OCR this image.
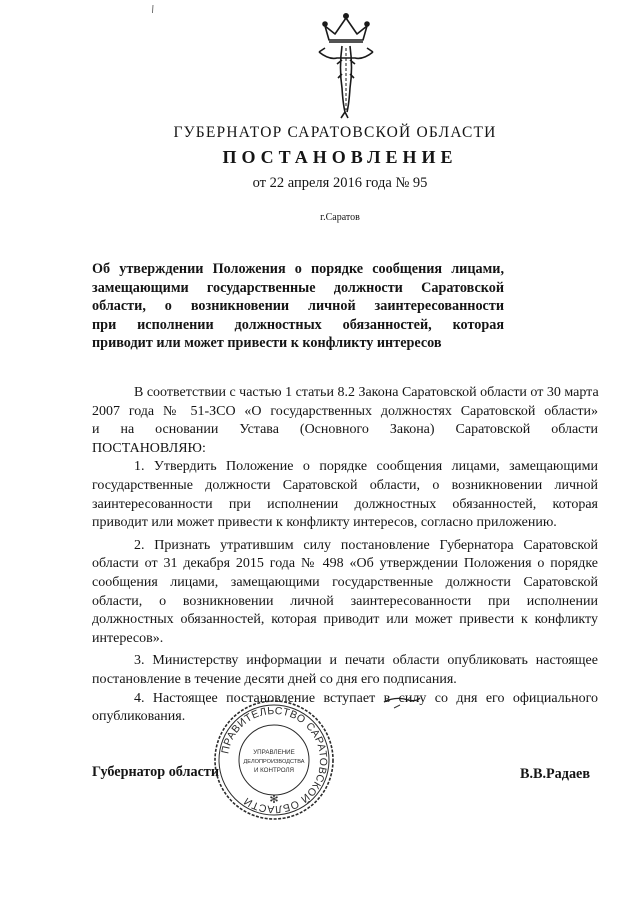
ГУБЕРНАТОР САРАТОВСКОЙ ОБЛАСТИ
ПОСТАНОВЛЕНИЕ
от 22 апреля 2016 года № 95
г.Саратов
Об утверждении Положения о порядке сообщения лицами,
замещающими государственные должности Саратовской
области, о возникновении личной заинтересованности
при исполнении должностных обязанностей, которая
приводит или может привести к конфликту интересов
В соответствии с частью 1 статьи 8.2 Закона Саратовской области от 30 марта
2007 года № 51-ЗСО «О государственных должностях Саратовской области»
и на основании Устава (Основного Закона) Саратовской области
ПОСТАНОВЛЯЮ:
1. Утвердить Положение о порядке сообщения лицами, замещающими
государственные должности Саратовской области, о возникновении личной
заинтересованности при исполнении должностных обязанностей, которая
приводит или может привести к конфликту интересов, согласно приложению.
2. Признать утратившим силу постановление Губернатора Саратовской
области от 31 декабря 2015 года № 498 «Об утверждении Положения о порядке
сообщения лицами, замещающими государственные должности Саратовской
области, о возникновении личной заинтересованности при исполнении
должностных обязанностей, которая приводит или может привести к конфликту
интересов».
3. Министерству информации и печати области опубликовать настоящее
постановление в течение десяти дней со дня его подписания.
4. Настоящее постановление вступает в силу со дня его официального
опубликования.
Губернатор области
ПРАВИТЕЛЬСТВО САРАТОВСКОЙ ОБЛАСТИ	✻
УПРАВЛЕНИЕ
ДЕЛОПРОИЗВОДСТВА
И КОНТРОЛЯ	В.В.Радаев
